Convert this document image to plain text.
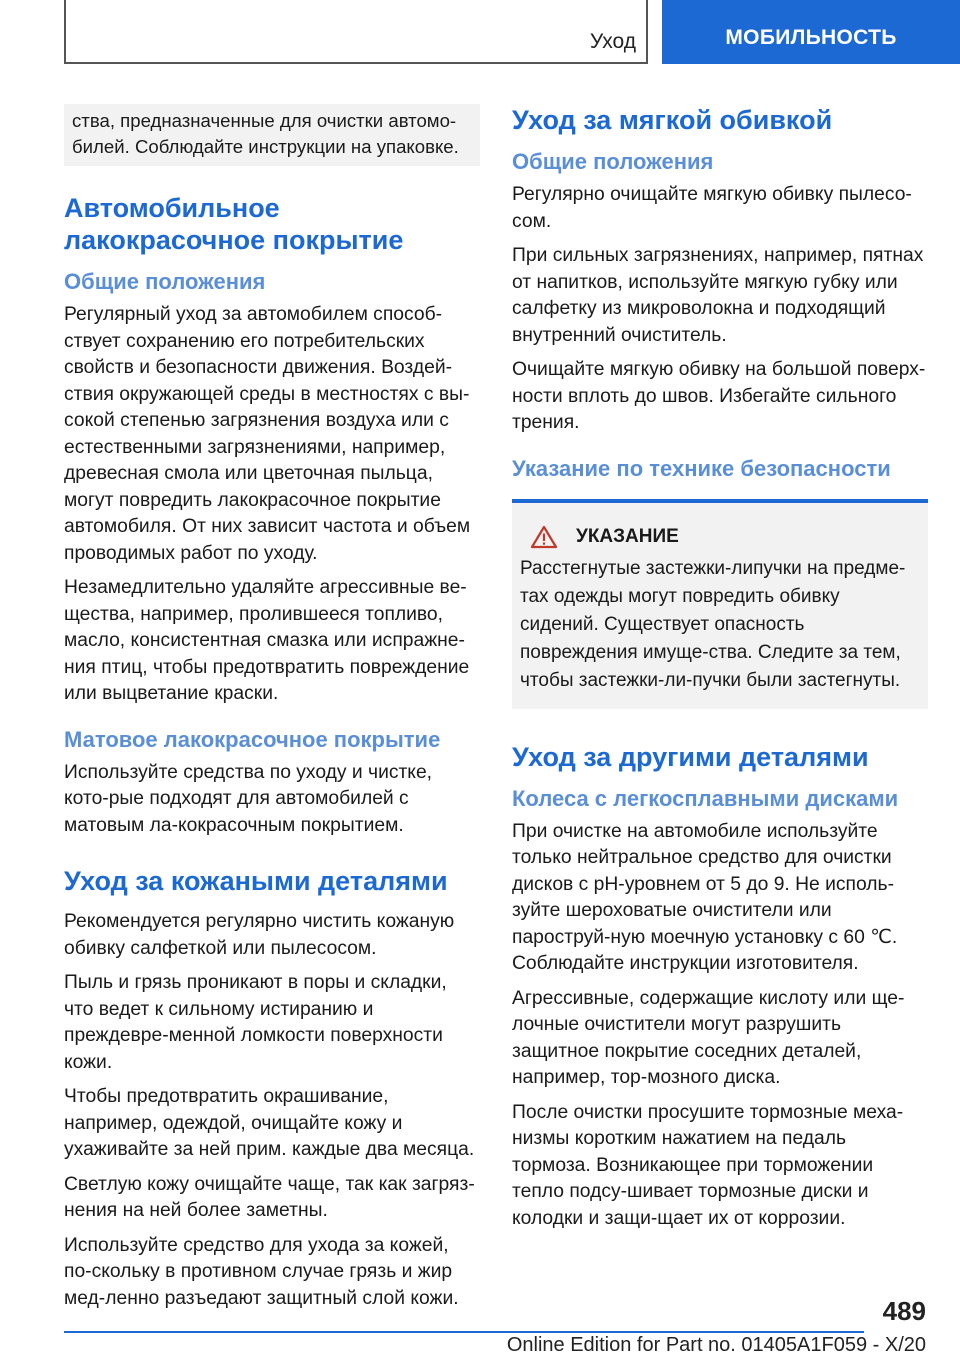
Уход	МОБИЛЬНОСТЬ

ства, предназначенные для очистки автомо-билей. Соблюдайте инструкции на упаковке.

Автомобильное лакокрасочное покрытие
Общие положения

Регулярный уход за автомобилем способ-ствует сохранению его потребительских свойств и безопасности движения. Воздей-ствия окружающей среды в местностях с вы-сокой степенью загрязнения воздуха или с естественными загрязнениями, например, древесная смола или цветочная пыльца, могут повредить лакокрасочное покрытие автомобиля. От них зависит частота и объем проводимых работ по уходу.

Незамедлительно удаляйте агрессивные ве-щества, например, пролившееся топливо, масло, консистентная смазка или испражне-ния птиц, чтобы предотвратить повреждение или выцветание краски.

Матовое лакокрасочное покрытие

Используйте средства по уходу и чистке, кото-рые подходят для автомобилей с матовым ла-кокрасочным покрытием.

Уход за кожаными деталями

Рекомендуется регулярно чистить кожаную обивку салфеткой или пылесосом.

Пыль и грязь проникают в поры и складки, что ведет к сильному истиранию и преждевре-менной ломкости поверхности кожи.

Чтобы предотвратить окрашивание, например, одеждой, очищайте кожу и ухаживайте за ней прим. каждые два месяца.

Светлую кожу очищайте чаще, так как загряз-нения на ней более заметны.

Используйте средство для ухода за кожей, по-скольку в противном случае грязь и жир мед-ленно разъедают защитный слой кожи.

Уход за мягкой обивкой
Общие положения

Регулярно очищайте мягкую обивку пылесо-сом.

При сильных загрязнениях, например, пятнах от напитков, используйте мягкую губку или салфетку из микроволокна и подходящий внутренний очиститель.

Очищайте мягкую обивку на большой поверх-ности вплоть до швов. Избегайте сильного трения.

Указание по технике безопасности
УКАЗАНИЕ

Расстегнутые застежки-липучки на предме-тах одежды могут повредить обивку сидений. Существует опасность повреждения имуще-ства. Следите за тем, чтобы застежки-ли-пучки были застегнуты.

Уход за другими деталями
Колеса с легкосплавными дисками

При очистке на автомобиле используйте только нейтральное средство для очистки дисков с pH-уровнем от 5 до 9. Не исполь-зуйте шероховатые очистители или пароструй-ную моечную установку с 60 ℃. Соблюдайте инструкции изготовителя.

Агрессивные, содержащие кислоту или ще-лочные очистители могут разрушить защитное покрытие соседних деталей, например, тор-мозного диска.

После очистки просушите тормозные меха-низмы коротким нажатием на педаль тормоза. Возникающее при торможении тепло подсу-шивает тормозные диски и колодки и защи-щает их от коррозии.

489
Online Edition for Part no. 01405A1F059 - X/20
